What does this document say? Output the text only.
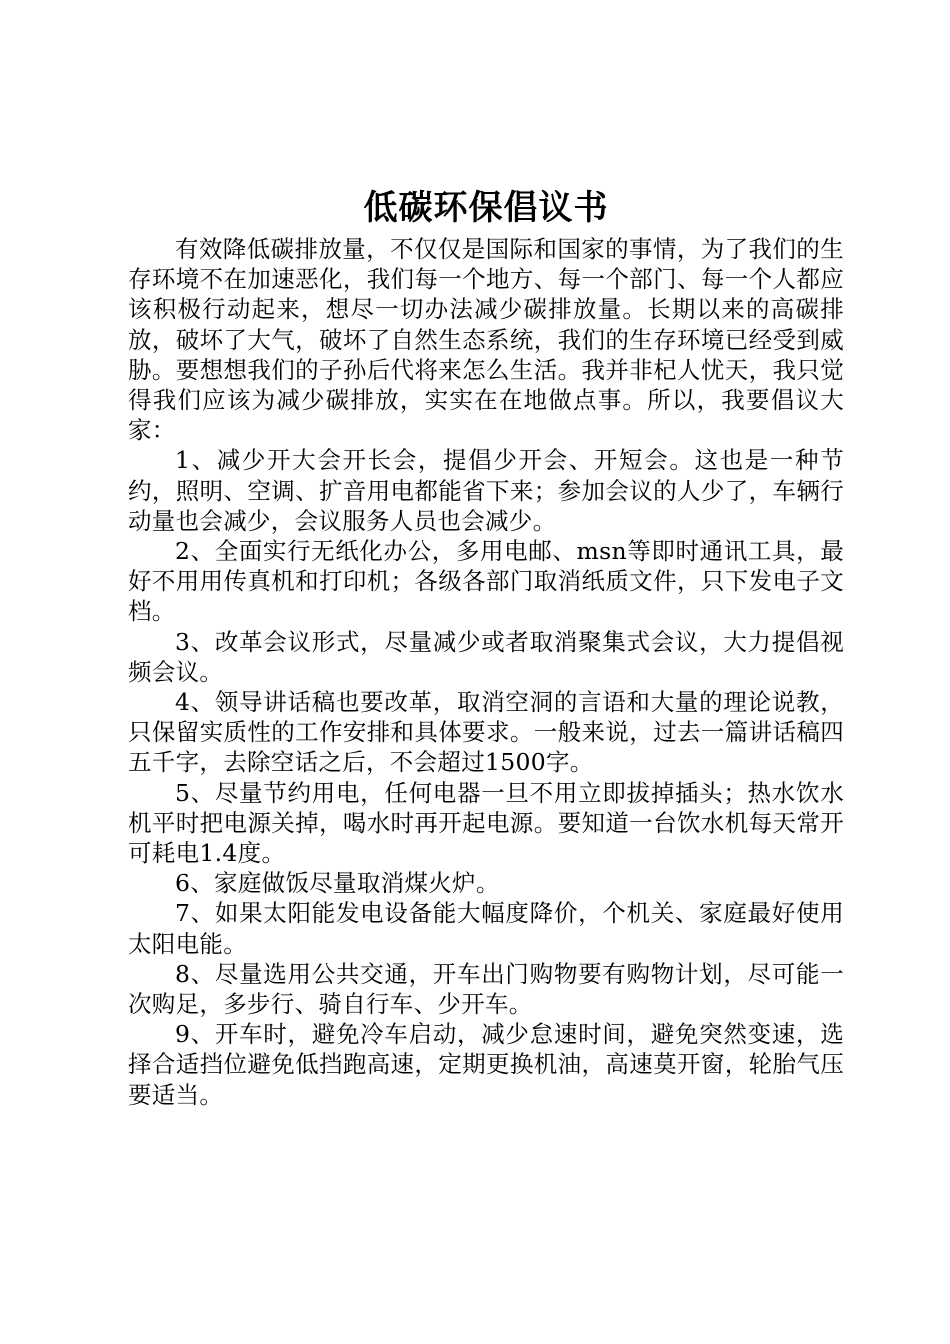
低碳环保倡议书

有效降低碳排放量，不仅仅是国际和国家的事情，为了我们的生存环境不在加速恶化，我们每一个地方、每一个部门、每一个人都应该积极行动起来，想尽一切办法减少碳排放量。长期以来的高碳排放，破坏了大气，破坏了自然生态系统，我们的生存环境已经受到威胁。要想想我们的子孙后代将来怎么生活。我并非杞人忧天，我只觉得我们应该为减少碳排放，实实在在地做点事。所以，我要倡议大家：

1、减少开大会开长会，提倡少开会、开短会。这也是一种节约，照明、空调、扩音用电都能省下来；参加会议的人少了，车辆行动量也会减少，会议服务人员也会减少。

2、全面实行无纸化办公，多用电邮、msn等即时通讯工具，最好不用用传真机和打印机；各级各部门取消纸质文件，只下发电子文档。

3、改革会议形式，尽量减少或者取消聚集式会议，大力提倡视频会议。

4、领导讲话稿也要改革，取消空洞的言语和大量的理论说教，只保留实质性的工作安排和具体要求。一般来说，过去一篇讲话稿四五千字，去除空话之后，不会超过1500字。

5、尽量节约用电，任何电器一旦不用立即拔掉插头；热水饮水机平时把电源关掉，喝水时再开起电源。要知道一台饮水机每天常开可耗电1.4度。

6、家庭做饭尽量取消煤火炉。

7、如果太阳能发电设备能大幅度降价，个机关、家庭最好使用太阳电能。

8、尽量选用公共交通，开车出门购物要有购物计划，尽可能一次购足，多步行、骑自行车、少开车。

9、开车时，避免冷车启动，减少怠速时间，避免突然变速，选择合适挡位避免低挡跑高速，定期更换机油，高速莫开窗，轮胎气压要适当。
